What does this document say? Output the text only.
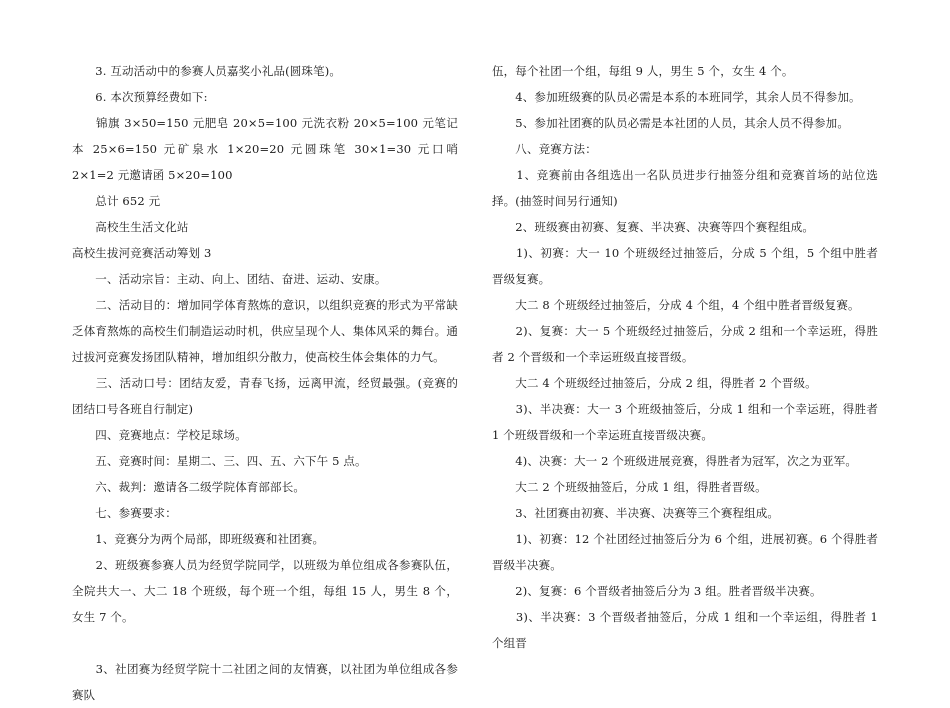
　　3. 互动活动中的参赛人员嘉奖小礼品(圆珠笔)。

　　6. 本次预算经费如下:

　　锦旗 3×50=150 元肥皂 20×5=100 元洗衣粉 20×5=100 元笔记本 25×6=150 元矿泉水 1×20=20 元圆珠笔 30×1=30 元口哨 2×1=2 元邀请函 5×20=100

　　总计 652 元

　　高校生生活文化站

高校生拔河竞赛活动筹划 3

　　一、活动宗旨：主动、向上、团结、奋进、运动、安康。

　　二、活动目的：增加同学体育熬炼的意识，以组织竞赛的形式为平常缺乏体育熬炼的高校生们制造运动时机，供应呈现个人、集体风采的舞台。通过拔河竞赛发扬团队精神，增加组织分散力，使高校生体会集体的力气。

　　三、活动口号：团结友爱，青春飞扬，远离甲流，经贸最强。(竞赛的团结口号各班自行制定)

　　四、竞赛地点：学校足球场。

　　五、竞赛时间：星期二、三、四、五、六下午 5 点。

　　六、裁判：邀请各二级学院体育部部长。

　　七、参赛要求：

　　1、竞赛分为两个局部，即班级赛和社团赛。

　　2、班级赛参赛人员为经贸学院同学，以班级为单位组成各参赛队伍，全院共大一、大二 18 个班级，每个班一个组，每组 15 人，男生 8 个，女生 7 个。

　　3、社团赛为经贸学院十二社团之间的友情赛，以社团为单位组成各参赛队

伍，每个社团一个组，每组 9 人，男生 5 个，女生 4 个。

　　4、参加班级赛的队员必需是本系的本班同学，其余人员不得参加。

　　5、参加社团赛的队员必需是本社团的人员，其余人员不得参加。

　　八、竞赛方法：

　　1、竞赛前由各组选出一名队员进步行抽签分组和竞赛首场的站位选择。(抽签时间另行通知)

　　2、班级赛由初赛、复赛、半决赛、决赛等四个赛程组成。

　　1)、初赛：大一 10 个班级经过抽签后，分成 5 个组，5 个组中胜者晋级复赛。

　　大二 8 个班级经过抽签后，分成 4 个组，4 个组中胜者晋级复赛。

　　2)、复赛：大一 5 个班级经过抽签后，分成 2 组和一个幸运班，得胜者 2 个晋级和一个幸运班级直接晋级。

　　大二 4 个班级经过抽签后，分成 2 组，得胜者 2 个晋级。

　　3)、半决赛：大一 3 个班级抽签后，分成 1 组和一个幸运班，得胜者 1 个班级晋级和一个幸运班直接晋级决赛。

　　4)、决赛：大一 2 个班级进展竞赛，得胜者为冠军，次之为亚军。

　　大二 2 个班级抽签后，分成 1 组，得胜者晋级。

　　3、社团赛由初赛、半决赛、决赛等三个赛程组成。

　　1)、初赛：12 个社团经过抽签后分为 6 个组，进展初赛。6 个得胜者晋级半决赛。

　　2)、复赛：6 个晋级者抽签后分为 3 组。胜者晋级半决赛。

　　3)、半决赛：3 个晋级者抽签后，分成 1 组和一个幸运组，得胜者 1 个组晋
